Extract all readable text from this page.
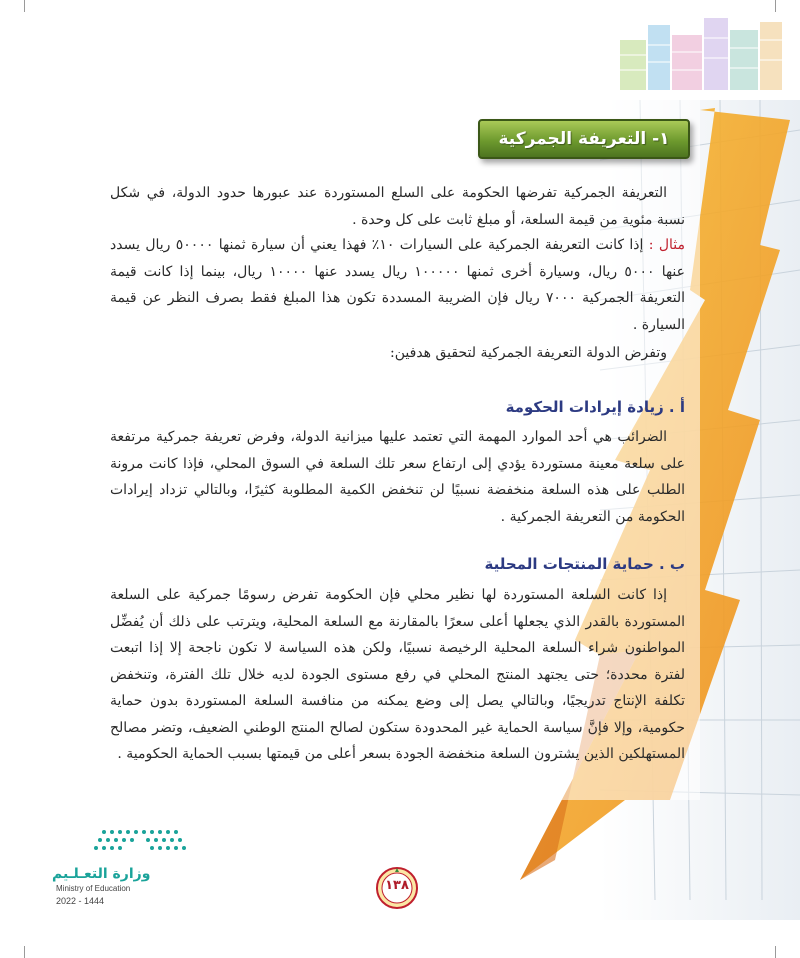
١- التعريفة الجمركية

التعريفة الجمركية تفرضها الحكومة على السلع المستوردة عند عبورها حدود الدولة، في شكل نسبة مئوية من قيمة السلعة، أو مبلغ ثابت على كل وحدة .

مثال : إذا كانت التعريفة الجمركية على السيارات ١٠٪ فهذا يعني أن سيارة ثمنها ٥٠٠٠٠ ريال يسدد عنها ٥٠٠٠ ريال، وسيارة أخرى ثمنها ١٠٠٠٠٠ ريال يسدد عنها ١٠٠٠٠ ريال، بينما إذا كانت قيمة التعريفة الجمركية ٧٠٠٠ ريال فإن الضريبة المسددة تكون هذا المبلغ فقط بصرف النظر عن قيمة السيارة .

وتفرض الدولة التعريفة الجمركية لتحقيق هدفين:

أ . زيادة إيرادات الحكومة

الضرائب هي أحد الموارد المهمة التي تعتمد عليها ميزانية الدولة، وفرض تعريفة جمركية مرتفعة على سلعة معينة مستوردة يؤدي إلى ارتفاع سعر تلك السلعة في السوق المحلي، فإذا كانت مرونة الطلب على هذه السلعة منخفضة نسبيًا لن تنخفض الكمية المطلوبة كثيرًا، وبالتالي تزداد إيرادات الحكومة من التعريفة الجمركية .

ب . حماية المنتجات المحلية

إذا كانت السلعة المستوردة لها نظير محلي فإن الحكومة تفرض رسومًا جمركية على السلعة المستوردة بالقدر الذي يجعلها أعلى سعرًا بالمقارنة مع السلعة المحلية، ويترتب على ذلك أن يُفضِّل المواطنون شراء السلعة المحلية الرخيصة نسبيًا، ولكن هذه السياسة لا تكون ناجحة إلا إذا اتبعت لفترة محددة؛ حتى يجتهد المنتج المحلي في رفع مستوى الجودة لديه خلال تلك الفترة، وتنخفض تكلفة الإنتاج تدريجيًا، وبالتالي يصل إلى وضع يمكنه من منافسة السلعة المستوردة بدون حماية حكومية، وإلا فإنَّ سياسة الحماية غير المحدودة ستكون لصالح المنتج الوطني الضعيف، وتضر مصالح المستهلكين الذين يشترون السلعة منخفضة الجودة بسعر أعلى من قيمتها بسبب الحماية الحكومية .

وزارة التعـلـيم
Ministry of Education
2022 - 1444
١٣٨
